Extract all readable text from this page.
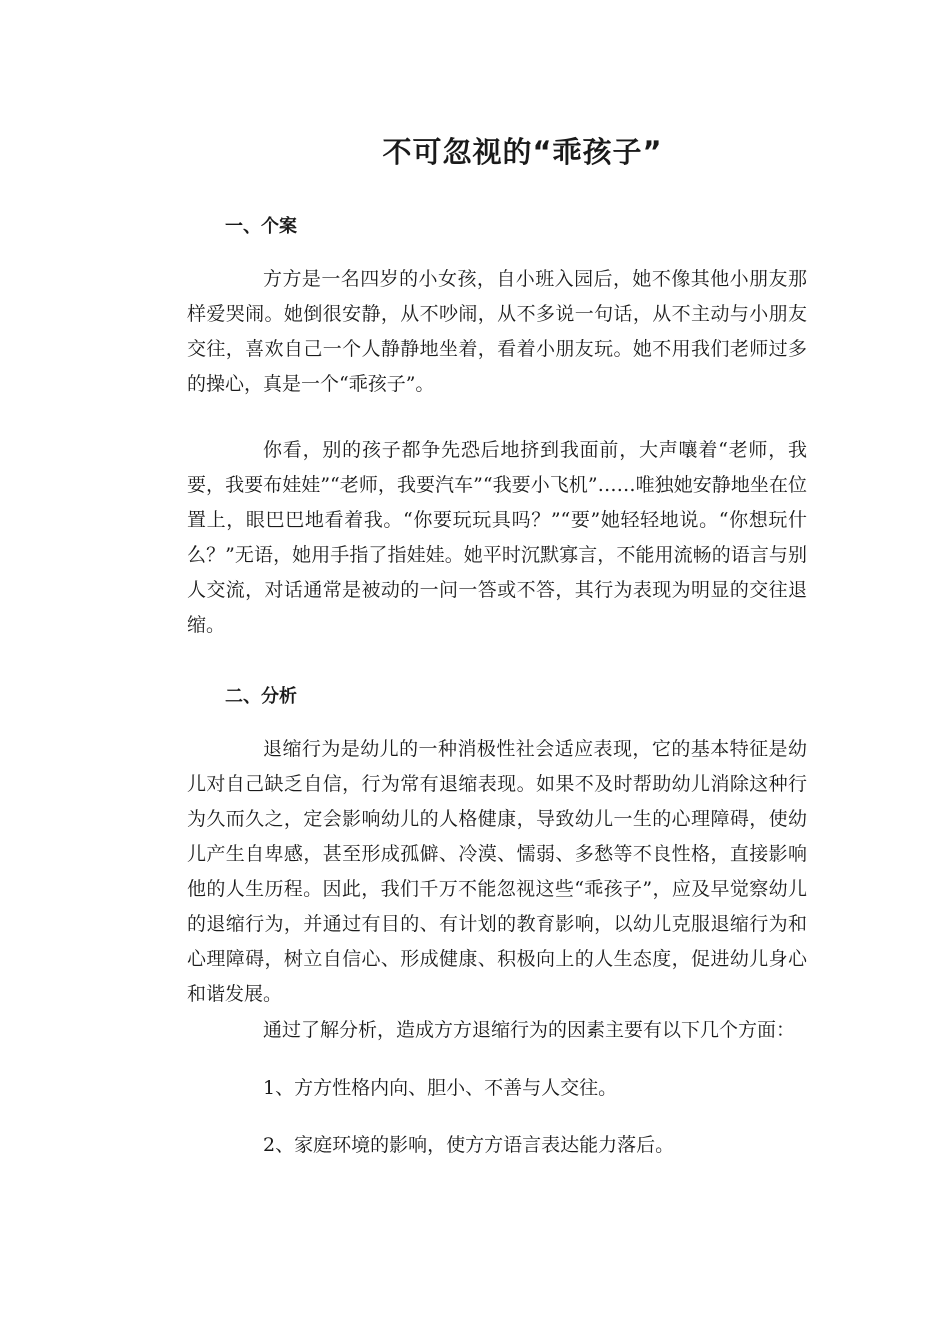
不可忽视的“乖孩子”
一、个案

方方是一名四岁的小女孩，自小班入园后，她不像其他小朋友那样爱哭闹。她倒很安静，从不吵闹，从不多说一句话，从不主动与小朋友交往，喜欢自己一个人静静地坐着，看着小朋友玩。她不用我们老师过多的操心，真是一个“乖孩子”。

你看，别的孩子都争先恐后地挤到我面前，大声嚷着“老师，我要，我要布娃娃”“老师，我要汽车”“我要小飞机”……唯独她安静地坐在位置上，眼巴巴地看着我。“你要玩玩具吗？”“要”她轻轻地说。“你想玩什么？”无语，她用手指了指娃娃。她平时沉默寡言，不能用流畅的语言与别人交流，对话通常是被动的一问一答或不答，其行为表现为明显的交往退缩。

二、分析

退缩行为是幼儿的一种消极性社会适应表现，它的基本特征是幼儿对自己缺乏自信，行为常有退缩表现。如果不及时帮助幼儿消除这种行为久而久之，定会影响幼儿的人格健康，导致幼儿一生的心理障碍，使幼儿产生自卑感，甚至形成孤僻、冷漠、懦弱、多愁等不良性格，直接影响他的人生历程。因此，我们千万不能忽视这些“乖孩子”，应及早觉察幼儿的退缩行为，并通过有目的、有计划的教育影响，以幼儿克服退缩行为和心理障碍，树立自信心、形成健康、积极向上的人生态度，促进幼儿身心和谐发展。

通过了解分析，造成方方退缩行为的因素主要有以下几个方面：

1、方方性格内向、胆小、不善与人交往。

2、家庭环境的影响，使方方语言表达能力落后。
